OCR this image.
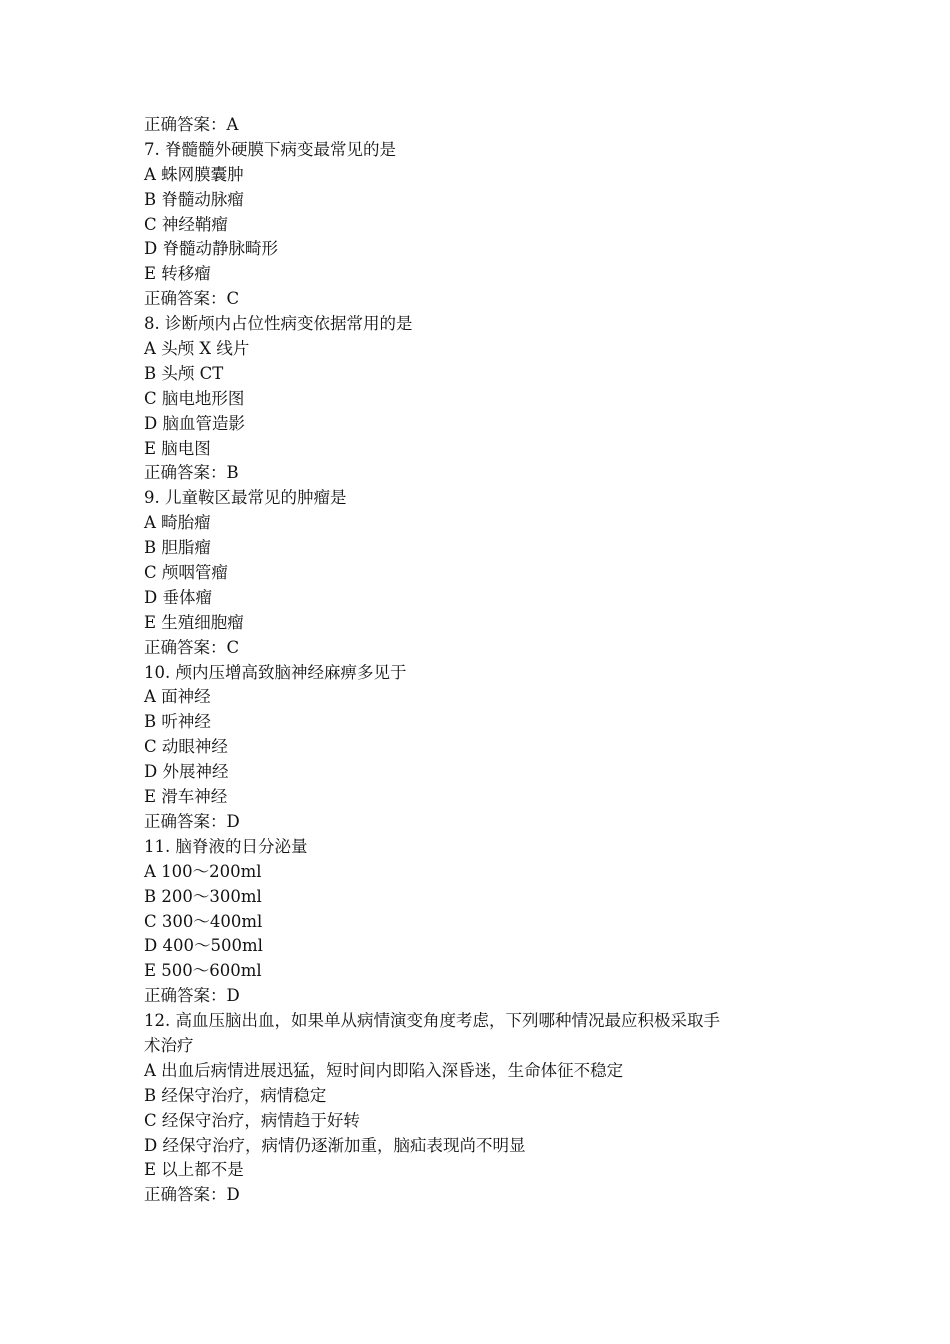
正确答案：A
7. 脊髓髓外硬膜下病变最常见的是
A 蛛网膜囊肿
B 脊髓动脉瘤
C 神经鞘瘤
D 脊髓动静脉畸形
E 转移瘤
正确答案：C
8. 诊断颅内占位性病变依据常用的是
A 头颅 X 线片
B 头颅 CT
C 脑电地形图
D 脑血管造影
E 脑电图
正确答案：B
9. 儿童鞍区最常见的肿瘤是
A 畸胎瘤
B 胆脂瘤
C 颅咽管瘤
D 垂体瘤
E 生殖细胞瘤
正确答案：C
10. 颅内压增高致脑神经麻痹多见于
A 面神经
B 听神经
C 动眼神经
D 外展神经
E 滑车神经
正确答案：D
11. 脑脊液的日分泌量
A 100～200ml
B 200～300ml
C 300～400ml
D 400～500ml
E 500～600ml
正确答案：D
12. 高血压脑出血，如果单从病情演变角度考虑，下列哪种情况最应积极采取手
术治疗
A 出血后病情进展迅猛，短时间内即陷入深昏迷，生命体征不稳定
B 经保守治疗，病情稳定
C 经保守治疗，病情趋于好转
D 经保守治疗，病情仍逐渐加重，脑疝表现尚不明显
E 以上都不是
正确答案：D
